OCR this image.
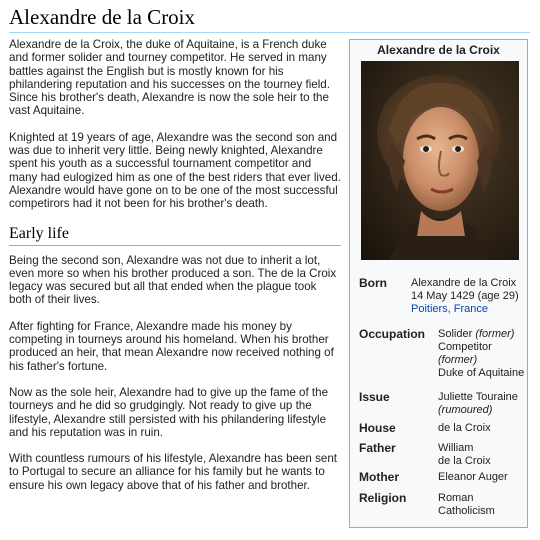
Alexandre de la Croix

Alexandre de la Croix, the duke of Aquitaine, is a French duke and former solider and tourney competitor. He served in many battles against the English but is mostly known for his philandering reputation and his successes on the tourney field. Since his brother's death, Alexandre is now the sole heir to the vast Aquitaine.

Knighted at 19 years of age, Alexandre was the second son and was due to inherit very little. Being newly knighted, Alexandre spent his youth as a successful tournament competitor and many had eulogized him as one of the best riders that ever lived. Alexandre would have gone on to be one of the most successful competirors had it not been for his brother's death.

Early life

Being the second son, Alexandre was not due to inherit a lot, even more so when his brother produced a son. The de la Croix legacy was secured but all that ended when the plague took both of their lives.

After fighting for France, Alexandre made his money by competing in tourneys around his homeland. When his brother produced an heir, that mean Alexandre now received nothing of his father's fortune.

Now as the sole heir, Alexandre had to give up the fame of the tourneys and he did so grudgingly. Not ready to give up the lifestyle, Alexandre still persisted with his philandering lifestyle and his reputation was in ruin.

With countless rumours of his lifestyle, Alexandre has been sent to Portugal to secure an alliance for his family but he wants to ensure his own legacy above that of his father and brother.

Alexandre de la Croix
Born Alexandre de la Croix
14 May 1429 (age 29)
Poitiers, France
Occupation Solider (former)
Competitor
(former)
Duke of Aquitaine
Issue	Juliette Touraine
(rumoured)
House	de la Croix
Father	William
de la Croix
Mother	Eleanor Auger
Religion	Roman
Catholicism
